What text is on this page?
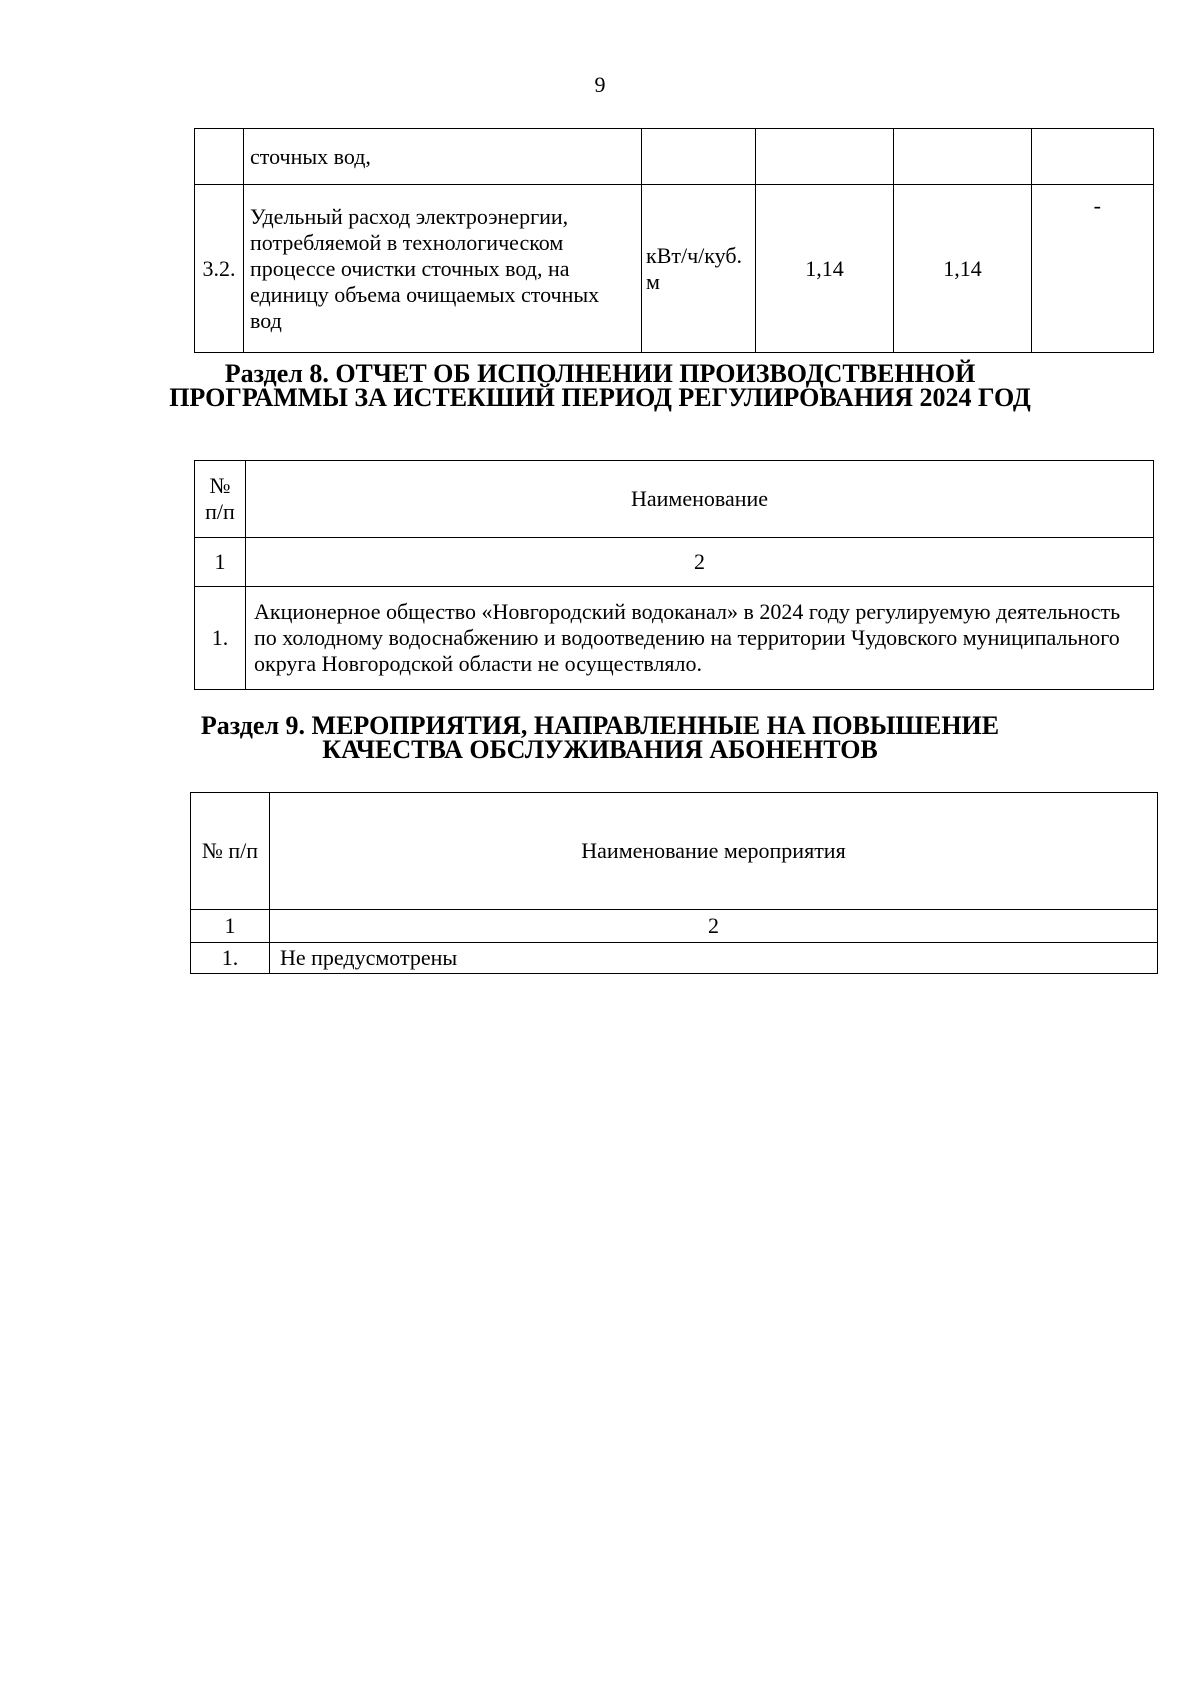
9
	сточных вод,				
3.2.	Удельный расход электроэнергии, потребляемой в технологическом процессе очистки сточных вод, на единицу объема очищаемых сточных вод	кВт/ч/куб. м	1,14	1,14	-
Раздел 8. ОТЧЕТ ОБ ИСПОЛНЕНИИ ПРОИЗВОДСТВЕННОЙ ПРОГРАММЫ ЗА ИСТЕКШИЙ ПЕРИОД РЕГУЛИРОВАНИЯ 2024 ГОД
№ п/п	Наименование
1	2
1.	Акционерное общество «Новгородский водоканал» в 2024 году регулируемую деятельность по холодному водоснабжению и водоотведению на территории Чудовского муниципального округа Новгородской области не осуществляло.
Раздел 9. МЕРОПРИЯТИЯ, НАПРАВЛЕННЫЕ НА ПОВЫШЕНИЕ КАЧЕСТВА ОБСЛУЖИВАНИЯ АБОНЕНТОВ
№ п/п	Наименование мероприятия
1	2
1.	Не предусмотрены
